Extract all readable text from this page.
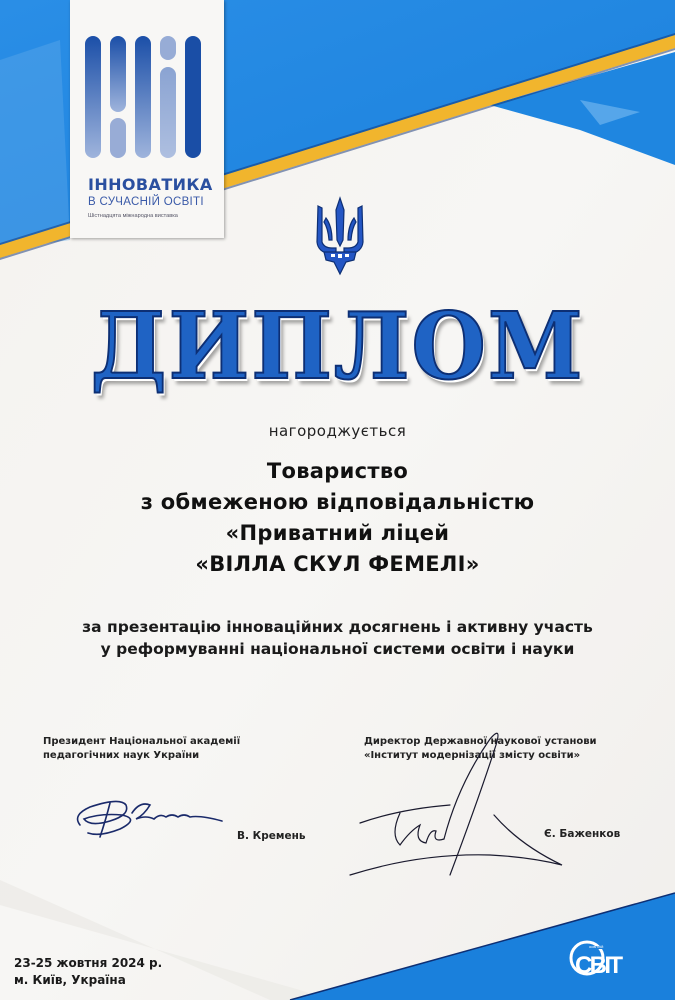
ІННОВАТИКА
В СУЧАСНІЙ ОСВІТІ
Шістнадцята міжнародна виставка
ДИПЛОМ
нагороджується
Товариство
з обмеженою відповідальністю
«Приватний ліцей
«ВІЛЛА СКУЛ ФЕМЕЛІ»
за презентацію інноваційних досягнень і активну участь
у реформуванні національної системи освіти і науки
Президент Національної академії
педагогічних наук України
В. Кремень
Директор Державної наукової установи
«Інститут модернізації змісту освіти»
Є. Баженков
23-25 жовтня 2024 р.
м. Київ, Україна
освітній
СВІТ
